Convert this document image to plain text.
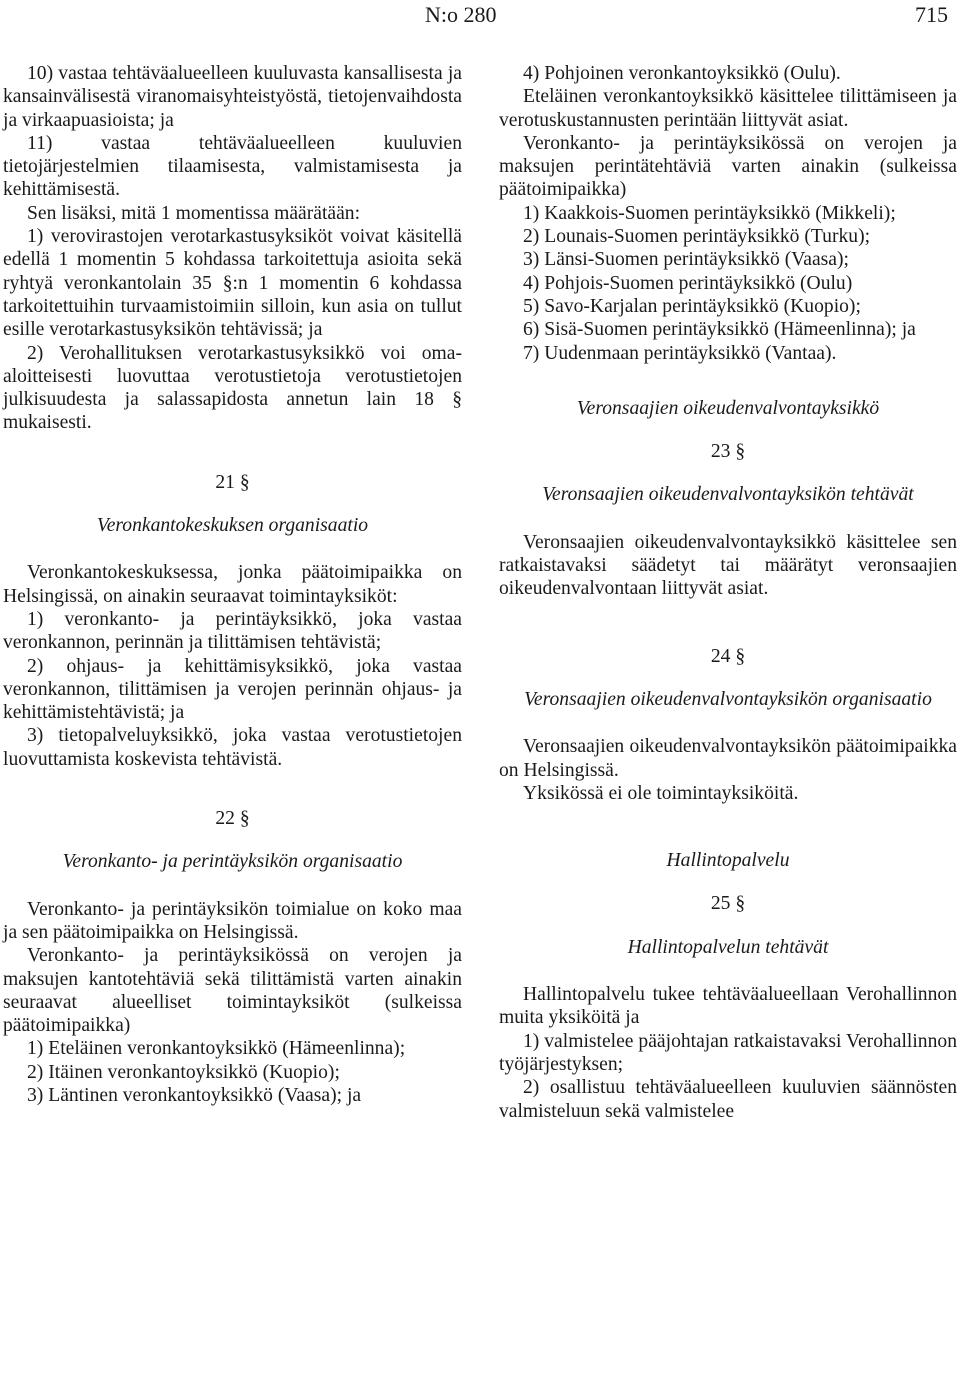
N:o 280	715

10) vastaa tehtäväalueelleen kuuluvasta kansallisesta ja kansainvälisestä viranomaisyhteistyöstä, tietojenvaihdosta ja virkaapuasioista; ja

11) vastaa tehtäväalueelleen kuuluvien tietojärjestelmien tilaamisesta, valmistamisesta ja kehittämisestä.

Sen lisäksi, mitä 1 momentissa määrätään:

1) verovirastojen verotarkastusyksiköt voivat käsitellä edellä 1 momentin 5 kohdassa tarkoitettuja asioita sekä ryhtyä veronkantolain 35 §:n 1 momentin 6 kohdassa tarkoitettuihin turvaamistoimiin silloin, kun asia on tullut esille verotarkastusyksikön tehtävissä; ja

2) Verohallituksen verotarkastusyksikkö voi oma-aloitteisesti luovuttaa verotustietoja verotustietojen julkisuudesta ja salassapidosta annetun lain 18 § mukaisesti.

21 §
Veronkantokeskuksen organisaatio

Veronkantokeskuksessa, jonka päätoimipaikka on Helsingissä, on ainakin seuraavat toimintayksiköt:

1) veronkanto- ja perintäyksikkö, joka vastaa veronkannon, perinnän ja tilittämisen tehtävistä;

2) ohjaus- ja kehittämisyksikkö, joka vastaa veronkannon, tilittämisen ja verojen perinnän ohjaus- ja kehittämistehtävistä; ja

3) tietopalveluyksikkö, joka vastaa verotustietojen luovuttamista koskevista tehtävistä.

22 §
Veronkanto- ja perintäyksikön organisaatio

Veronkanto- ja perintäyksikön toimialue on koko maa ja sen päätoimipaikka on Helsingissä.

Veronkanto- ja perintäyksikössä on verojen ja maksujen kantotehtäviä sekä tilittämistä varten ainakin seuraavat alueelliset toimintayksiköt (sulkeissa päätoimipaikka)

1) Eteläinen veronkantoyksikkö (Hämeenlinna);

2) Itäinen veronkantoyksikkö (Kuopio);

3) Läntinen veronkantoyksikkö (Vaasa); ja

4) Pohjoinen veronkantoyksikkö (Oulu).

Eteläinen veronkantoyksikkö käsittelee tilittämiseen ja verotuskustannusten perintään liittyvät asiat.

Veronkanto- ja perintäyksikössä on verojen ja maksujen perintätehtäviä varten ainakin (sulkeissa päätoimipaikka)

1) Kaakkois-Suomen perintäyksikkö (Mikkeli);

2) Lounais-Suomen perintäyksikkö (Turku);

3) Länsi-Suomen perintäyksikkö (Vaasa);

4) Pohjois-Suomen perintäyksikkö (Oulu)

5) Savo-Karjalan perintäyksikkö (Kuopio);

6) Sisä-Suomen perintäyksikkö (Hämeenlinna); ja

7) Uudenmaan perintäyksikkö (Vantaa).

Veronsaajien oikeudenvalvontayksikkö
23 §
Veronsaajien oikeudenvalvontayksikön tehtävät

Veronsaajien oikeudenvalvontayksikkö käsittelee sen ratkaistavaksi säädetyt tai määrätyt veronsaajien oikeudenvalvontaan liittyvät asiat.

24 §
Veronsaajien oikeudenvalvontayksikön organisaatio

Veronsaajien oikeudenvalvontayksikön päätoimipaikka on Helsingissä.

Yksikössä ei ole toimintayksiköitä.

Hallintopalvelu
25 §
Hallintopalvelun tehtävät

Hallintopalvelu tukee tehtäväalueellaan Verohallinnon muita yksiköitä ja

1) valmistelee pääjohtajan ratkaistavaksi Verohallinnon työjärjestyksen;

2) osallistuu tehtäväalueelleen kuuluvien säännösten valmisteluun sekä valmistelee
